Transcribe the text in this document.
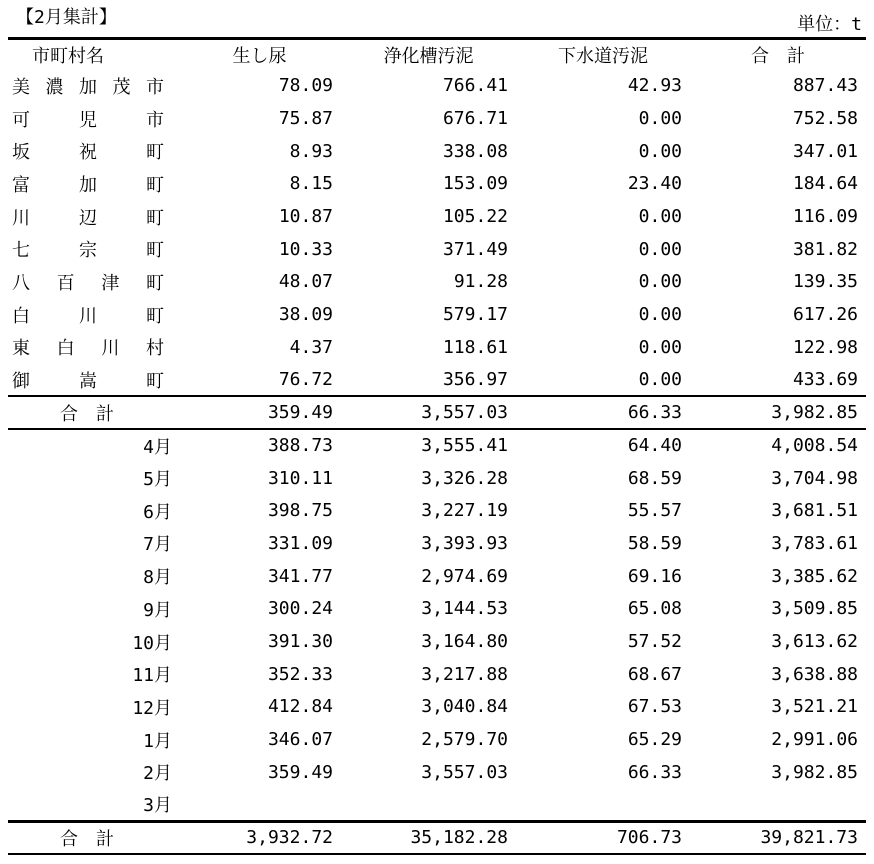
【2月集計】	単位：t
市町村名	生し尿	浄化槽汚泥	下水道汚泥	合　計

美 濃 加 茂 市	78.09	766.41	42.93	887.43

可 児 市	75.87	676.71	0.00	752.58

坂 祝 町	8.93	338.08	0.00	347.01

富 加 町	8.15	153.09	23.40	184.64

川 辺 町	10.87	105.22	0.00	116.09

七 宗 町	10.33	371.49	0.00	381.82

八 百 津 町	48.07	91.28	0.00	139.35

白 川 町	38.09	579.17	0.00	617.26

東 白 川 村	4.37	118.61	0.00	122.98

御 嵩 町	76.72	356.97	0.00	433.69
合計	359.49	3,557.03	66.33	3,982.85
4月	388.73	3,555.41	64.40	4,008.54
5月	310.11	3,326.28	68.59	3,704.98
6月	398.75	3,227.19	55.57	3,681.51
7月	331.09	3,393.93	58.59	3,783.61
8月	341.77	2,974.69	69.16	3,385.62
9月	300.24	3,144.53	65.08	3,509.85
10月	391.30	3,164.80	57.52	3,613.62
11月	352.33	3,217.88	68.67	3,638.88
12月	412.84	3,040.84	67.53	3,521.21
1月	346.07	2,579.70	65.29	2,991.06
2月	359.49	3,557.03	66.33	3,982.85
3月				
合計	3,932.72	35,182.28	706.73	39,821.73
